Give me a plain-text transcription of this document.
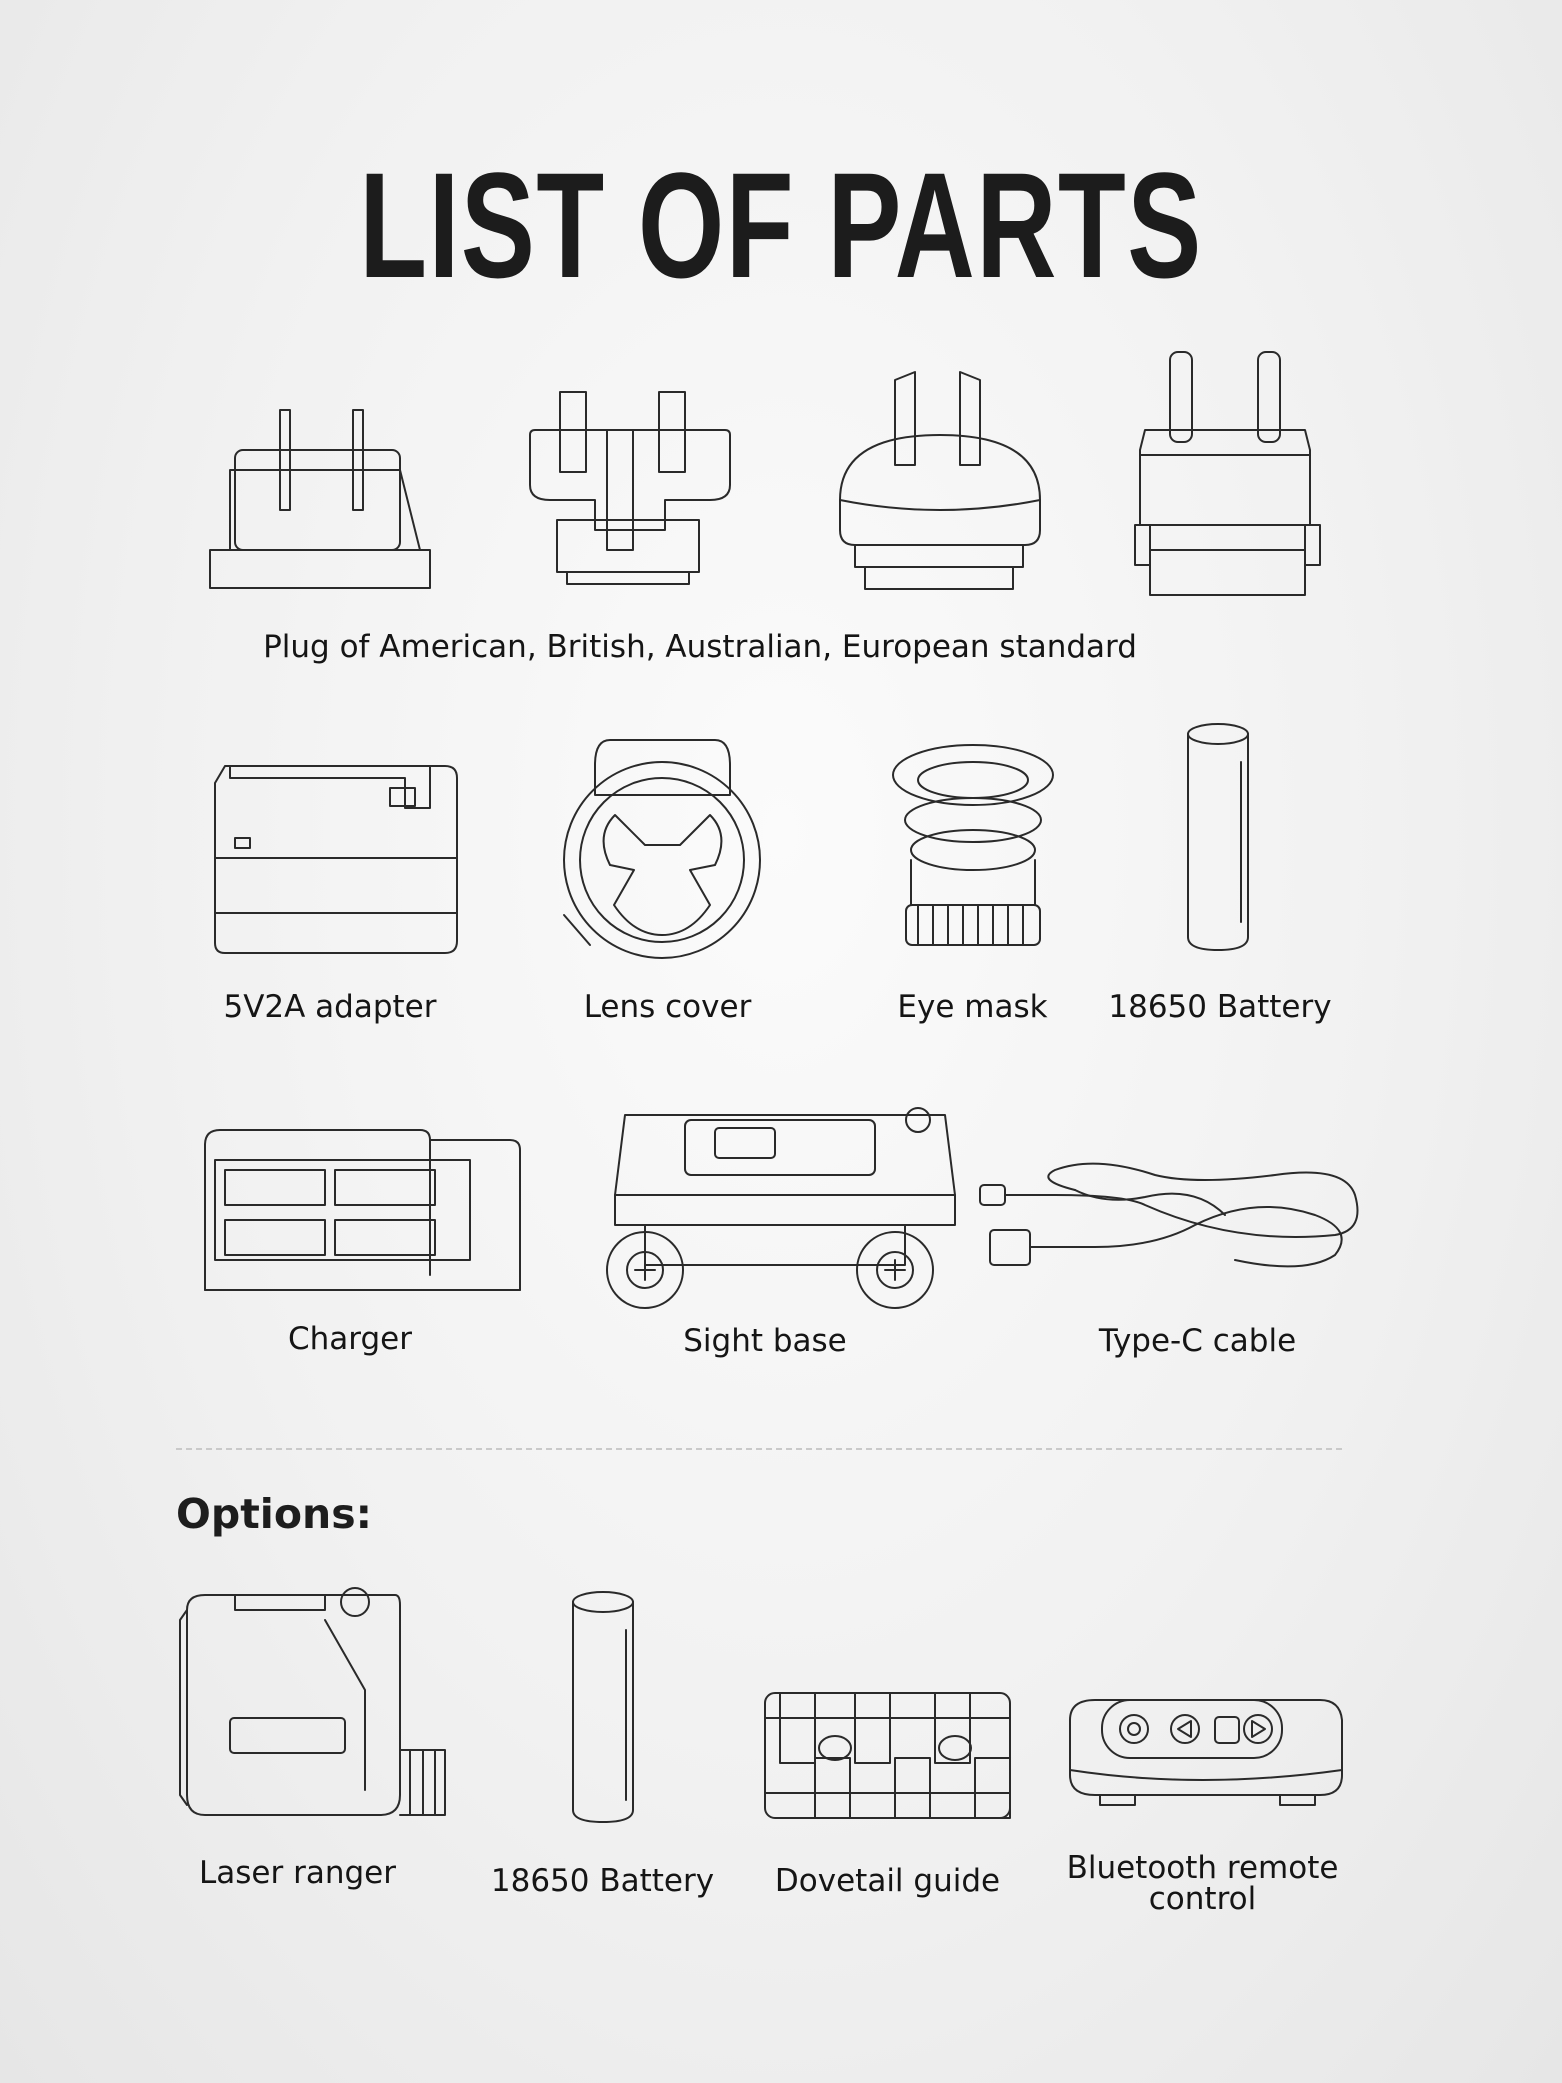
LIST OF PARTS
Plug of American, British, Australian, European standard
5V2A adapter	Lens cover	Eye mask	18650 Battery
Charger	Sight base	Type-C cable
Options:
Laser ranger	18650 Battery	Dovetail guide	Bluetooth remote
control
